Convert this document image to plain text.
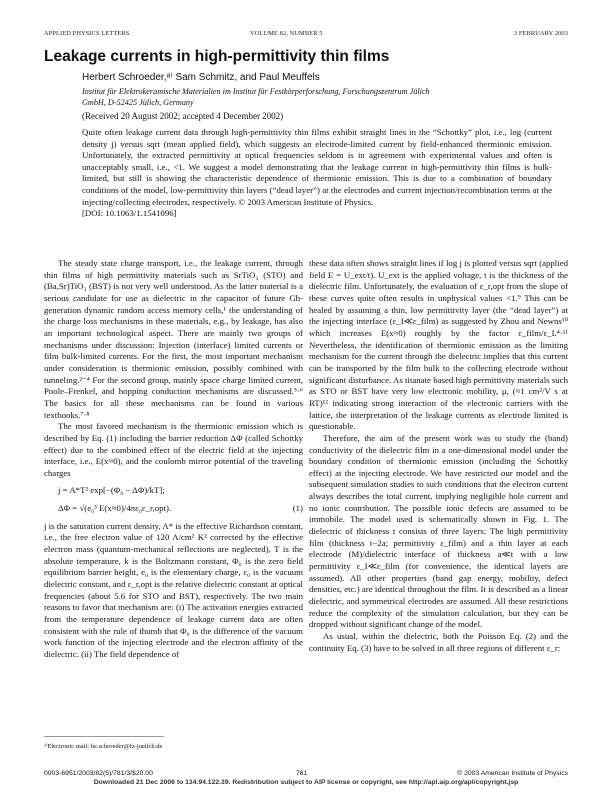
APPLIED PHYSICS LETTERS	VOLUME 82, NUMBER 5	3 FEBRUARY 2003
Leakage currents in high-permittivity thin films
Herbert Schroeder,ᵃ⁾ Sam Schmitz, and Paul Meuffels
Institut für Elektrokeramische Materialien im Institut für Festkörperforschung, Forschungszentrum Jülich
GmbH, D-52425 Jülich, Germany
(Received 20 August 2002; accepted 4 December 2002)

Quite often leakage current data through high-permittivity thin films exhibit straight lines in the “Schottky” plot, i.e., log (current density j) versus sqrt (mean applied field), which suggests an electrode-limited current by field-enhanced thermionic emission. Unfortunately, the extracted permittivity at optical frequencies seldom is in agreement with experimental values and often is unacceptably small, i.e., <1. We suggest a model demonstrating that the leakage current in high-permittivity thin films is bulk-limited, but still is showing the characteristic dependence of thermionic emission. This is due to a combination of boundary conditions of the model, low-permittivity thin layers (“dead layer”) at the electrodes and current injection/recombination terms at the injecting/collecting electrodes, respectively. © 2003 American Institute of Physics.

[DOI: 10.1063/1.1541096]

The steady state charge transport, i.e., the leakage current, through thin films of high permittivity materials such as SrTiO₃ (STO) and (Ba,Sr)TiO₃ (BST) is not very well understood. As the latter material is a serious candidate for use as dielectric in the capacitor of future Gb-generation dynamic random access memory cells,¹ the understanding of the charge loss mechanisms in these materials, e.g., by leakage, has also an important technological aspect. There are mainly two groups of mechanisms under discussion: Injection (interface) limited currents or film bulk-limited currents. For the first, the most important mechanism under consideration is thermionic emission, possibly combined with tunneling.²⁻⁴ For the second group, mainly space charge limited current, Poole–Frenkel, and hopping conduction mechanisms are discussed.⁵·⁶ The basics for all these mechanisms can be found in various textbooks.⁷·⁸

The most favored mechanism is the thermionic emission which is described by Eq. (1) including the barrier reduction ΔΦ (called Schottky effect) due to the combined effect of the electric field at the injecting interface, i.e., E(x≈0), and the coulomb mirror potential of the traveling charges

j = A*T² exp[−(Φ₀ − ΔΦ)/kT];
ΔΦ = √(e₀³ E(x≈0)/4πε₀ε_r,opt).	(1)

j is the saturation current density, A* is the effective Richardson constant, i.e., the free electron value of 120 A/cm² K² corrected by the effective electron mass (quantum-mechanical reflections are neglected), T is the absolute temperature, k is the Boltzmann constant, Φ₀ is the zero field equilibrium barrier height, e₀ is the elementary charge, ε₀ is the vacuum dielectric constant, and ε_r,opt is the relative dielectric constant at optical frequencies (about 5.6 for STO and BST), respectively. The two main reasons to favor that mechanism are: (i) The activation energies extracted from the temperature dependence of leakage current data are often consistent with the rule of thumb that Φ₀ is the difference of the vacuum work function of the injecting electrode and the electron affinity of the dielectric. (ii) The field dependence of

these data often shows straight lines if log j is plotted versus sqrt (applied field E = U_ext/t). U_ext is the applied voltage, t is the thickness of the dielectric film. Unfortunately, the evaluation of ε_r,opt from the slope of these curves quite often results in unphysical values <1.⁹ This can be healed by assuming a thin, low permittivity layer (the “dead layer”) at the injecting interface (ε_I≪ε_film) as suggested by Zhou and Newns¹⁰ which increases E(x≈0) roughly by the factor ε_film/ε_I.⁴·¹¹ Nevertheless, the identification of thermionic emission as the limiting mechanism for the current through the dielectric implies that this current can be transported by the film bulk to the collecting electrode without significant disturbance. As titanate based high permittivity materials such as STO or BST have very low electronic mobility, μ, (≈1 cm²/V s at RT)¹² indicating strong interaction of the electronic carriers with the lattice, the interpretation of the leakage currents as electrode limited is questionable.

Therefore, the aim of the present work was to study the (band) conductivity of the dielectric film in a one-dimensional model under the boundary condition of thermionic emission (including the Schottky effect) at the injecting electrode. We have restricted our model and the subsequent simulation studies to such conditions that the electron current always describes the total current, implying negligible hole current and no ionic contribution. The possible ionic defects are assumed to be immobile. The model used is schematically shown in Fig. 1. The dielectric of thickness t consists of three layers: The high permittivity film (thickness t−2a; permittivity ε_film) and a thin layer at each electrode (M)/dielectric interface of thickness a≪t with a low permittivity ε_I≪ε_film (for convenience, the identical layers are assumed). All other properties (band gap energy, mobility, defect densities, etc.) are identical throughout the film. It is described as a linear dielectric, and symmetrical electrodes are assumed. All these restrictions reduce the complexity of the simulation calculation, but they can be dropped without significant change of the model.

As usual, within the dielectric, both the Poisson Eq. (2) and the continuity Eq. (3) have to be solved in all three regions of different ε_r:

ᵃ⁾Electronic mail: he.schroeder@fz-juelich.de
0003-6951/2003/82(5)/781/3/$20.00	781	© 2003 American Institute of Physics
Downloaded 21 Dec 2006 to 134.94.122.39. Redistribution subject to AIP license or copyright, see http://apl.aip.org/apl/copyright.jsp
